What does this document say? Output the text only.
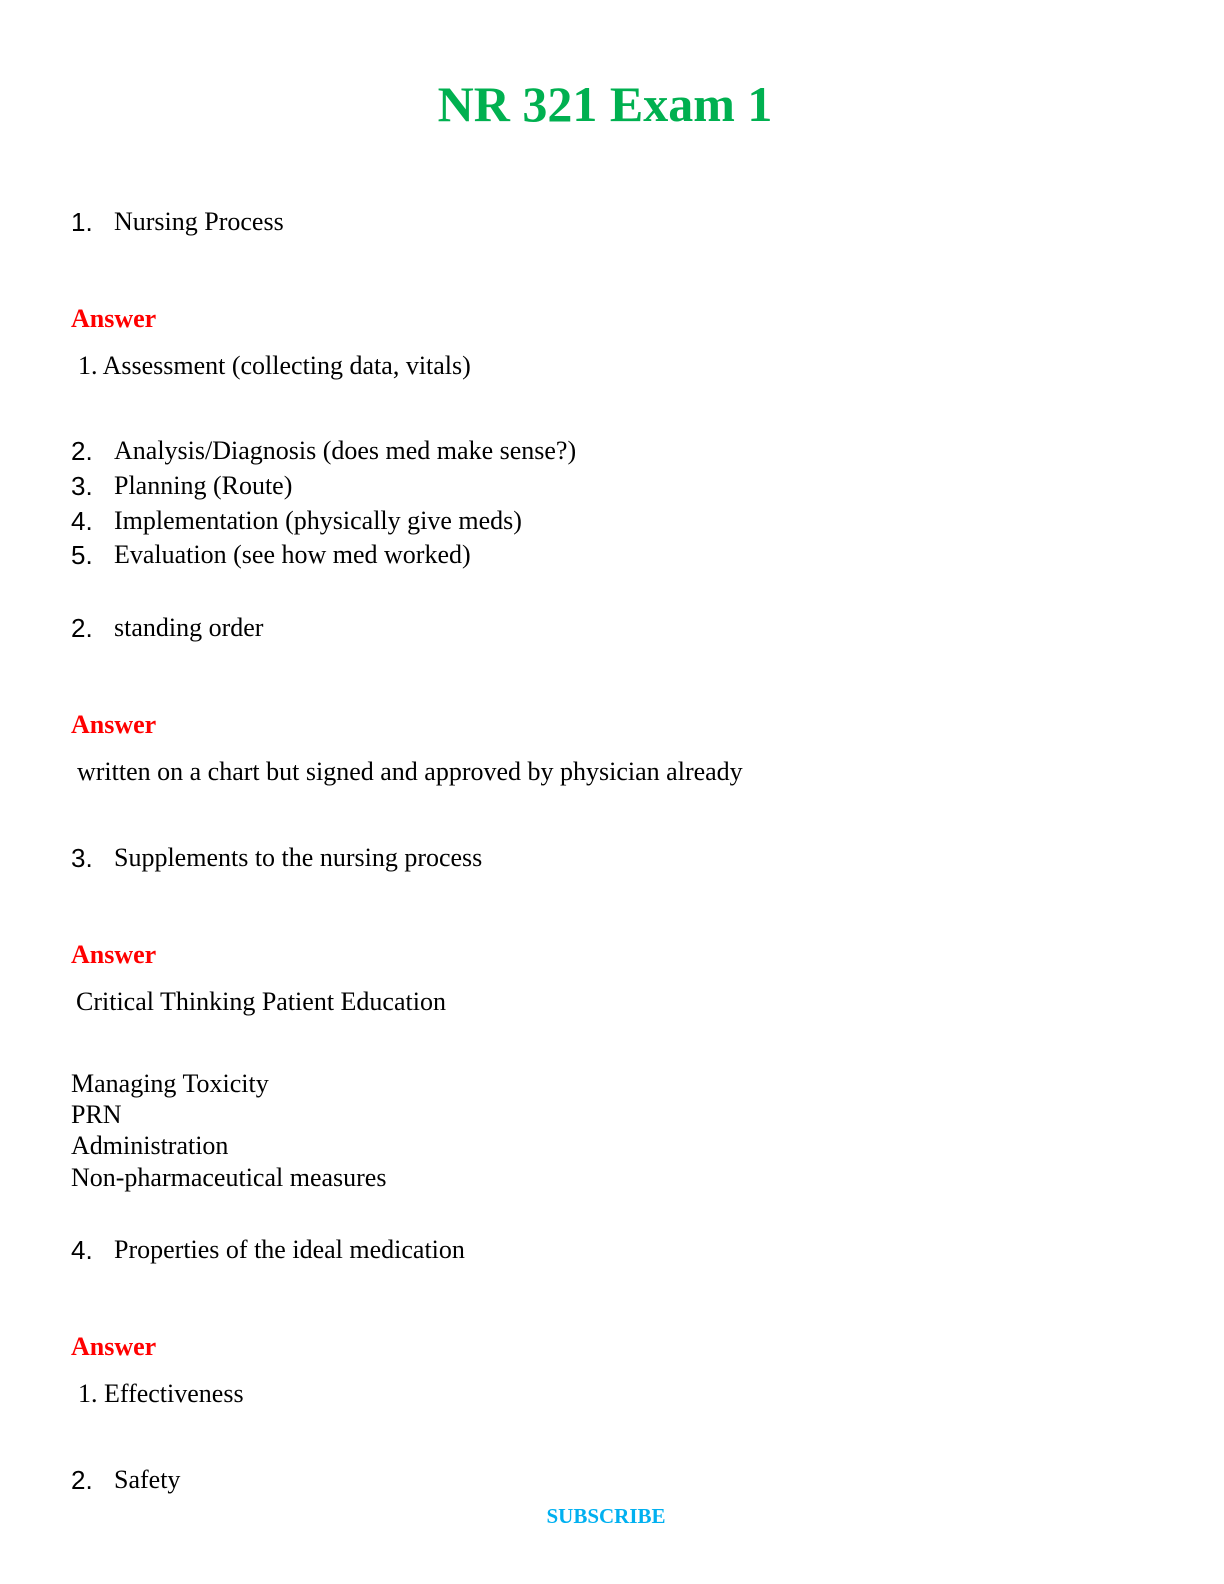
NR 321 Exam 1
1. Nursing Process
Answer
1. Assessment (collecting data, vitals)
2. Analysis/Diagnosis (does med make sense?)
3. Planning (Route)
4. Implementation (physically give meds)
5. Evaluation (see how med worked)
2. standing order
Answer
written on a chart but signed and approved by physician already
3. Supplements to the nursing process
Answer
Critical Thinking Patient Education
Managing Toxicity
PRN
Administration
Non-pharmaceutical measures
4. Properties of the ideal medication
Answer
1. Effectiveness
2. Safety
SUBSCRIBE
